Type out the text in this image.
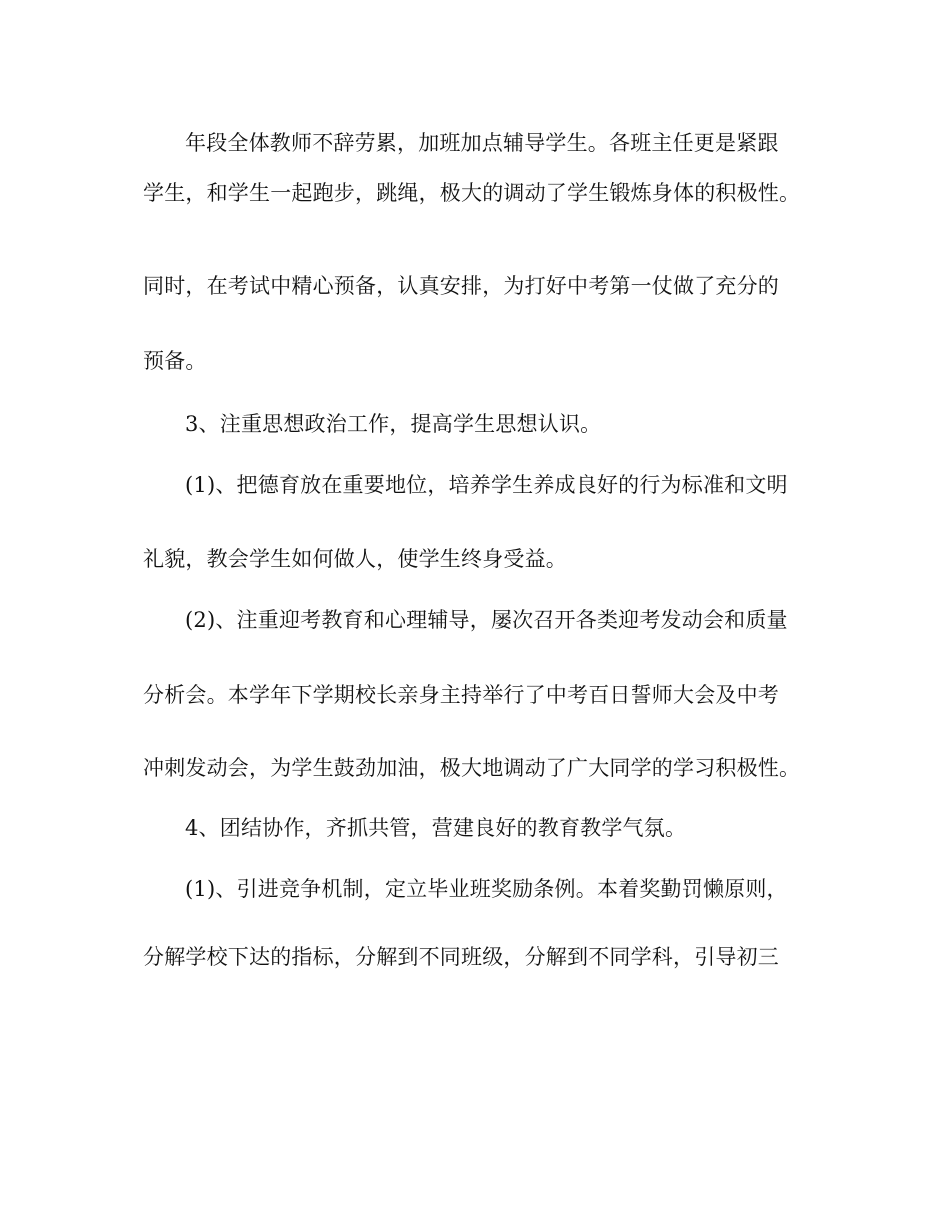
年段全体教师不辞劳累，加班加点辅导学生。各班主任更是紧跟
学生，和学生一起跑步，跳绳，极大的调动了学生锻炼身体的积极性。
同时，在考试中精心预备，认真安排，为打好中考第一仗做了充分的
预备。
3、注重思想政治工作，提高学生思想认识。
(1)、把德育放在重要地位，培养学生养成良好的行为标准和文明
礼貌，教会学生如何做人，使学生终身受益。
(2)、注重迎考教育和心理辅导，屡次召开各类迎考发动会和质量
分析会。本学年下学期校长亲身主持举行了中考百日誓师大会及中考
冲刺发动会，为学生鼓劲加油，极大地调动了广大同学的学习积极性。
4、团结协作，齐抓共管，营建良好的教育教学气氛。
(1)、引进竞争机制，定立毕业班奖励条例。本着奖勤罚懒原则，
分解学校下达的指标，分解到不同班级，分解到不同学科，引导初三
